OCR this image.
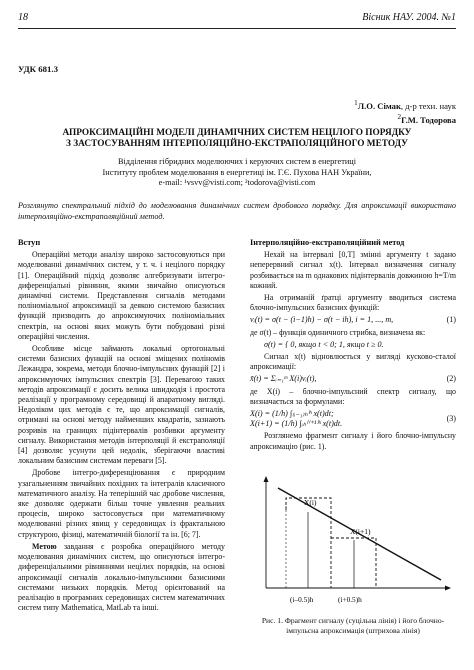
18	Вісник НАУ. 2004. №1
УДК 681.3
$^1$Л.О. Сімак, д-р техн. наук
$^2$Г.М. Тодорова
АПРОКСИМАЦІЙНІ МОДЕЛІ ДИНАМІЧНИХ СИСТЕМ НЕЦІЛОГО ПОРЯДКУ
З ЗАСТОСУВАННЯМ ІНТЕРПОЛЯЦІЙНО-ЕКСТРАПОЛЯЦІЙНОГО МЕТОДУ
Відділення гібридних моделюючих і керуючих систем в енергетиці
Інституту проблем моделювання в енергетиці ім. Г.Є. Пухова НАН України,
e-mail: ¹vsvv@visti.com; ²todorova@visti.com
Розглянуто спектральний підхід до моделювання динамічних систем дробового порядку. Для апроксимації використано інтерполяційно-екстраполяційний метод.
Вступ

Операційні методи аналізу широко застосовуються при моделюванні динамічних систем, у т. ч. і нецілого порядку [1]. Операційний підхід дозволяє алгебризувати інтегро-диференціальні рівняння, якими звичайно описуються динамічні системи. Представлення сигналів методами поліноміальної апроксимації за деякою системою базисних функцій призводить до апроксимуючих поліноміальних спектрів, на основі яких можуть бути побудовані різні операційні числення.

Особливе місце займають локальні ортогональні системи базисних функцій на основі зміщених поліномів Лежандра, зокрема, методи блочно-імпульсних функцій [2] і апроксимуючих імпульсних спектрів [3]. Перевагою таких методів апроксимації є досить велика швидкодія і простота реалізації у програмному середовищі й апаратному вигляді. Недоліком цих методів є те, що апроксимації сигналів, отримані на основі методу найменших квадратів, зазнають розривів на границях підінтервалів розбивки аргументу сигналу. Використання методів інтерполяції й екстраполяції [4] дозволяє усунути цей недолік, зберігаючи властиві локальним базисним системам переваги [5].

Дробове інтегро-диференціювання є природним узагальненням звичайних похідних та інтегралів класичного математичного аналізу. На теперішній час дробове числення, яке дозволяє одержати більш точне уявлення реальних процесів, широко застосовується при математичному моделюванні різних явищ у середовищах із фрактальною структурою, фізиці, математичній біології та ін. [6; 7].

Метою завдання є розробка операційного методу моделювання динамічних систем, що описуються інтегро-диференціальними рівняннями нецілих порядків, на основі апроксимації сигналів локально-імпульсними базисними системами низьких порядків. Метод орієнтований на реалізацію в програмних середовищах систем математичних систем типу Mathematica, MatLab та інші.

Інтерполяційно-екстраполяційний метод

Нехай на інтервалі [0,T] змінні аргументу t задано неперервний сигнал x(t). Інтервал визначення сигналу розбивається на m однакових підінтервалів довжиною h=T/m кожний.

На отриманій ґратці аргументу вводиться система блочно-імпульсних базисних функцій:

vᵢ(t) = σ(t − (i−1)h) − σ(t − ih), i = 1, ..., m,	(1)

де σ(t) – функція одиничного стрибка, визначена як:

σ(t) = { 0, якщо t < 0; 1, якщо t ≥ 0.

Сигнал x(t) відновлюється у вигляді кусково-сталої апроксимації:

x̃(t) = Σᵢ₌₁ᵐ X(i)vᵢ(t),	(2)

де X(i) – блочно-імпульсний спектр сигналу, що визначається за формулами:

X(i) = (1/h) ∫₍ᵢ₋₁₎ₕⁱʰ x(t)dt;
X(i+1) = (1/h) ∫ᵢₕ⁽ⁱ⁺¹⁾ʰ x(t)dt.
(3)

Розглянемо фрагмент сигналу і його блочно-імпульсну апроксимацію (рис. 1).

X(i)
X(i+1)
(i–0.5)h	(i+0.5)h
Рис. 1. Фрагмент сигналу (суцільна лінія) і його блочно-імпульсна апроксимація (штрихова лінія)
